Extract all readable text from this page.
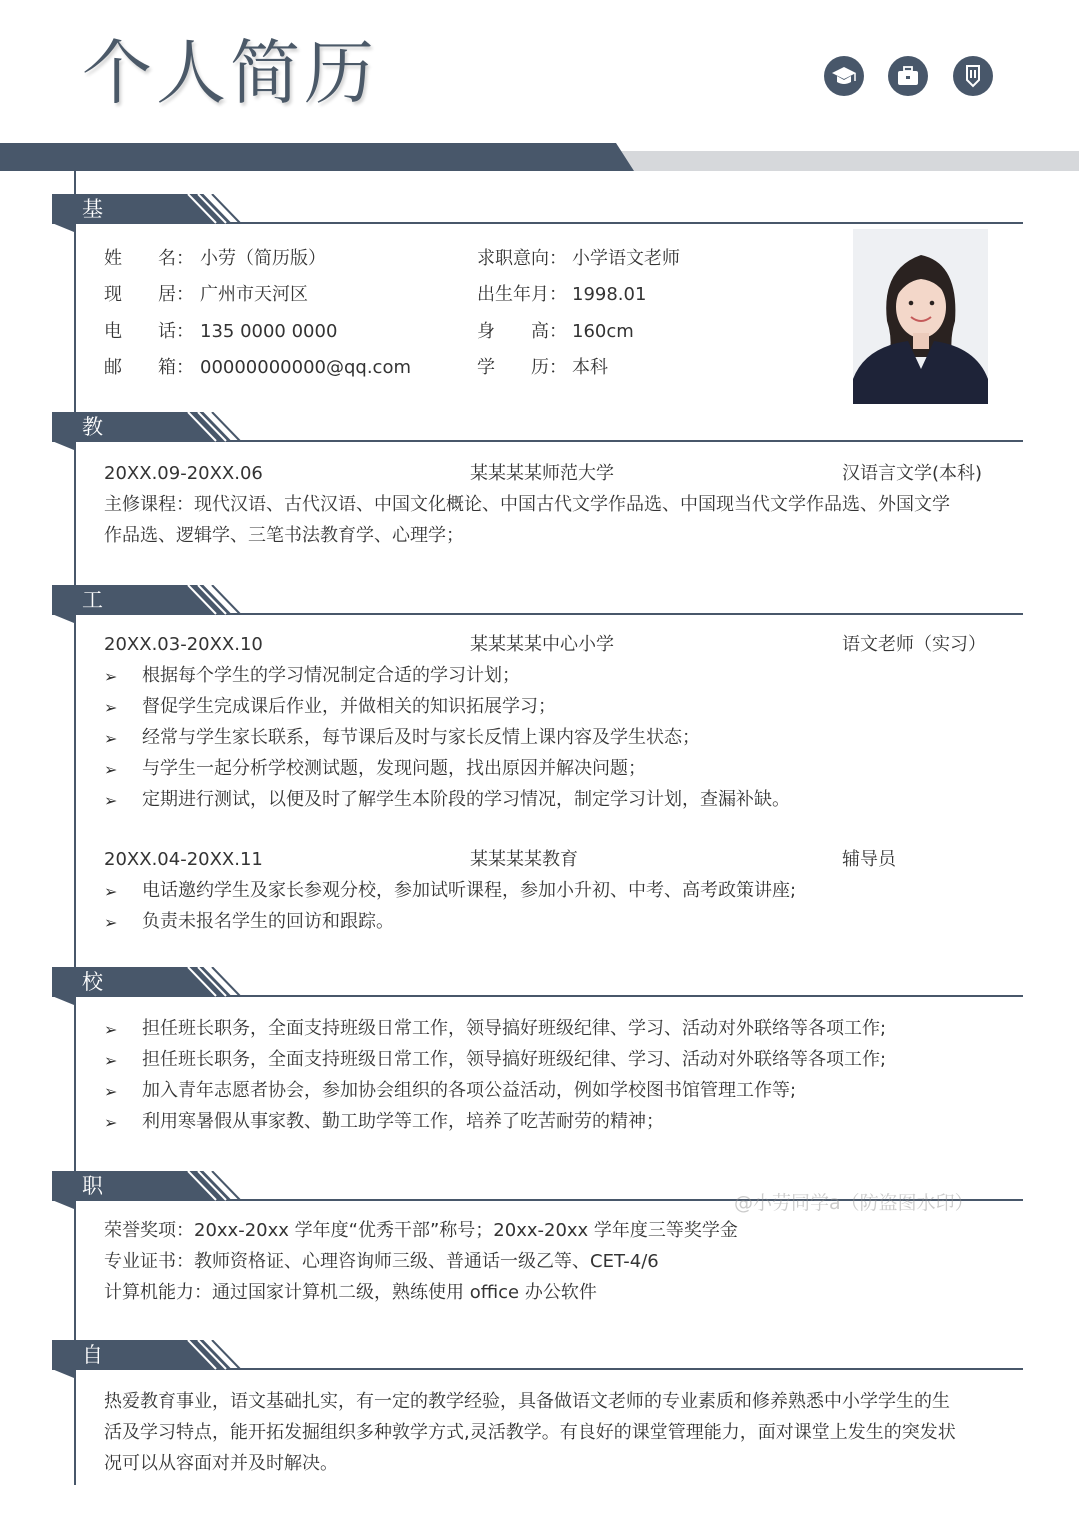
个人简历
基本信息
姓　　名： 小劳（简历版）
现　　居： 广州市天河区
电　　话： 135 0000 0000
邮　　箱： 00000000000@qq.com
求职意向： 小学语文老师
出生年月： 1998.01
身　　高： 160cm
学　　历： 本科
教育背景
20XX.09-20XX.06	某某某某师范大学	汉语言文学(本科)
主修课程：现代汉语、古代汉语、中国文化概论、中国古代文学作品选、中国现当代文学作品选、外国文学
作品选、逻辑学、三笔书法教育学、心理学；
工作经历
20XX.03-20XX.10	某某某某中心小学	语文老师（实习）
➢ 根据每个学生的学习情况制定合适的学习计划；
➢ 督促学生完成课后作业，并做相关的知识拓展学习；
➢ 经常与学生家长联系，每节课后及时与家长反情上课内容及学生状态；
➢ 与学生一起分析学校测试题，发现问题，找出原因并解决问题；
➢ 定期进行测试，以便及时了解学生本阶段的学习情况，制定学习计划，查漏补缺。
20XX.04-20XX.11	某某某某教育	辅导员
➢ 电话邀约学生及家长参观分校，参加试听课程，参加小升初、中考、高考政策讲座;
➢ 负责未报名学生的回访和跟踪。
校园经历
➢ 担任班长职务，全面支持班级日常工作，领导搞好班级纪律、学习、活动对外联络等各项工作;
➢ 担任班长职务，全面支持班级日常工作，领导搞好班级纪律、学习、活动对外联络等各项工作;
➢ 加入青年志愿者协会，参加协会组织的各项公益活动，例如学校图书馆管理工作等;
➢ 利用寒暑假从事家教、勤工助学等工作，培养了吃苦耐劳的精神；
职业技能
@小劳同学a（防盗图水印）
荣誉奖项：20xx-20xx 学年度“优秀干部”称号；20xx-20xx 学年度三等奖学金
专业证书：教师资格证、心理咨询师三级、普通话一级乙等、CET-4/6
计算机能力：通过国家计算机二级，熟练使用 office 办公软件
自我评价
热爱教育事业，语文基础扎实，有一定的教学经验，具备做语文老师的专业素质和修养熟悉中小学学生的生
活及学习特点，能开拓发掘组织多种敦学方式,灵活教学。有良好的课堂管理能力，面对课堂上发生的突发状
况可以从容面对并及时解决。
